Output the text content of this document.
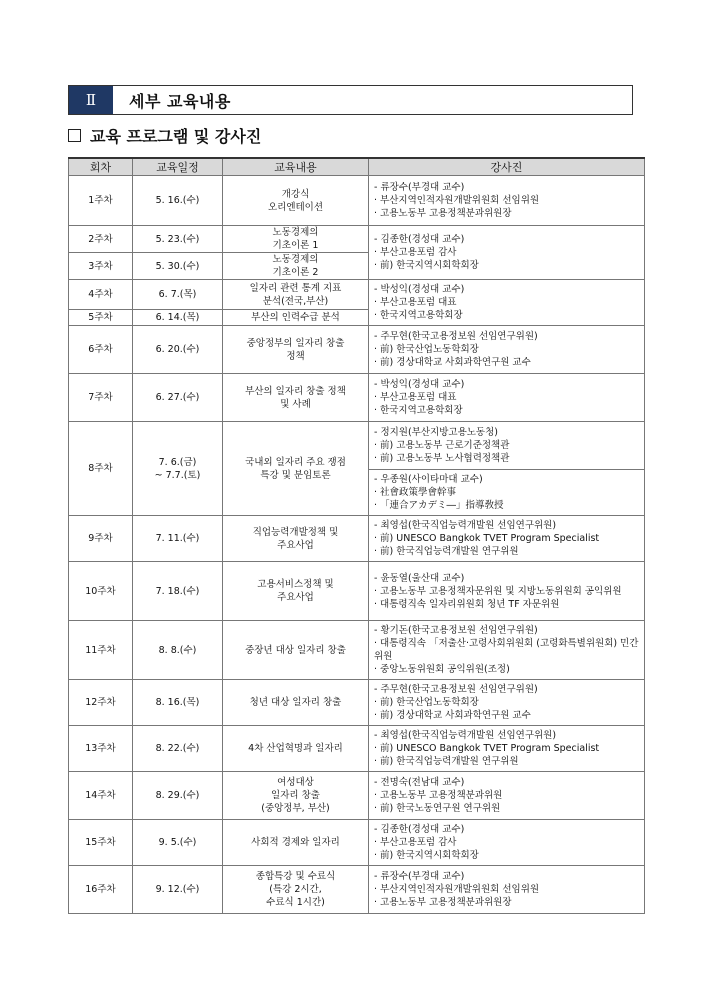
Ⅱ	세부 교육내용
교육 프로그램 및 강사진
회차	교육일정	교육내용	강사진

1주차	5. 16.(수)	개강식
오리엔테이션	- 류장수(부경대 교수)
· 부산지역인적자원개발위원회 선임위원
· 고용노동부 고용정책분과위원장

2주차	5. 23.(수)	노동경제의
기초이론 1	- 김종한(경성대 교수)
· 부산고용포럼 감사
· 前) 한국지역시회학회장

3주차	5. 30.(수)	노동경제의
기초이론 2	

4주차	6. 7.(목)	일자리 관련 통계 지표
분석(전국,부산)	- 박성익(경성대 교수)
· 부산고용포럼 대표
· 한국지역고용학회장

5주차	6. 14.(목)	부산의 인력수급 분석	

6주차	6. 20.(수)	중앙정부의 일자리 창출
정책	- 주무현(한국고용정보원 선임연구위원)
· 前) 한국산업노동학회장
· 前) 경상대학교 사회과학연구원 교수

7주차	6. 27.(수)	부산의 일자리 창출 정책
및 사례	- 박성익(경성대 교수)
· 부산고용포럼 대표
· 한국지역고용학회장

8주차	7. 6.(금)
~ 7.7.(토)	국내외 일자리 주요 쟁점
특강 및 분임토론	- 정지원(부산지방고용노동청)
· 前) 고용노동부 근로기준정책관
· 前) 고용노동부 노사협력정책관

			- 우종원(사이타마대 교수)
· 社會政策學會幹事
· 「連合アカデミ―」指導敎授

9주차	7. 11.(수)	직업능력개발정책 및
주요사업	- 최영섭(한국직업능력개발원 선임연구위원)
· 前) UNESCO Bangkok TVET Program Specialist
· 前) 한국직업능력개발원 연구위원

10주차	7. 18.(수)	고용서비스정책 및
주요사업	- 윤동열(울산대 교수)
· 고용노동부 고용정책자문위원 및 지방노동위원회 공익위원
· 대통령직속 일자리위원회 청년 TF 자문위원

11주차	8. 8.(수)	중장년 대상 일자리 창출	- 황기돈(한국고용정보원 선임연구위원)
· 대통령직속 「저출산·고령사회위원회 (고령화특별위원회) 민간위원
· 중앙노동위원회 공익위원(조정)

12주차	8. 16.(목)	청년 대상 일자리 창출	- 주무현(한국고용정보원 선임연구위원)
· 前) 한국산업노동학회장
· 前) 경상대학교 사회과학연구원 교수

13주차	8. 22.(수)	4차 산업혁명과 일자리	- 최영섭(한국직업능력개발원 선임연구위원)
· 前) UNESCO Bangkok TVET Program Specialist
· 前) 한국직업능력개발원 연구위원

14주차	8. 29.(수)	여성대상
일자리 창출
(중앙정부, 부산)	- 전명숙(전남대 교수)
· 고용노동부 고용정책분과위원
· 前) 한국노동연구원 연구위원

15주차	9. 5.(수)	사회적 경제와 일자리	- 김종한(경성대 교수)
· 부산고용포럼 감사
· 前) 한국지역시회학회장

16주차	9. 12.(수)	종합특강 및 수료식
(특강 2시간,
수료식 1시간)	- 류장수(부경대 교수)
· 부산지역인적자원개발위원회 선임위원
· 고용노동부 고용정책분과위원장
